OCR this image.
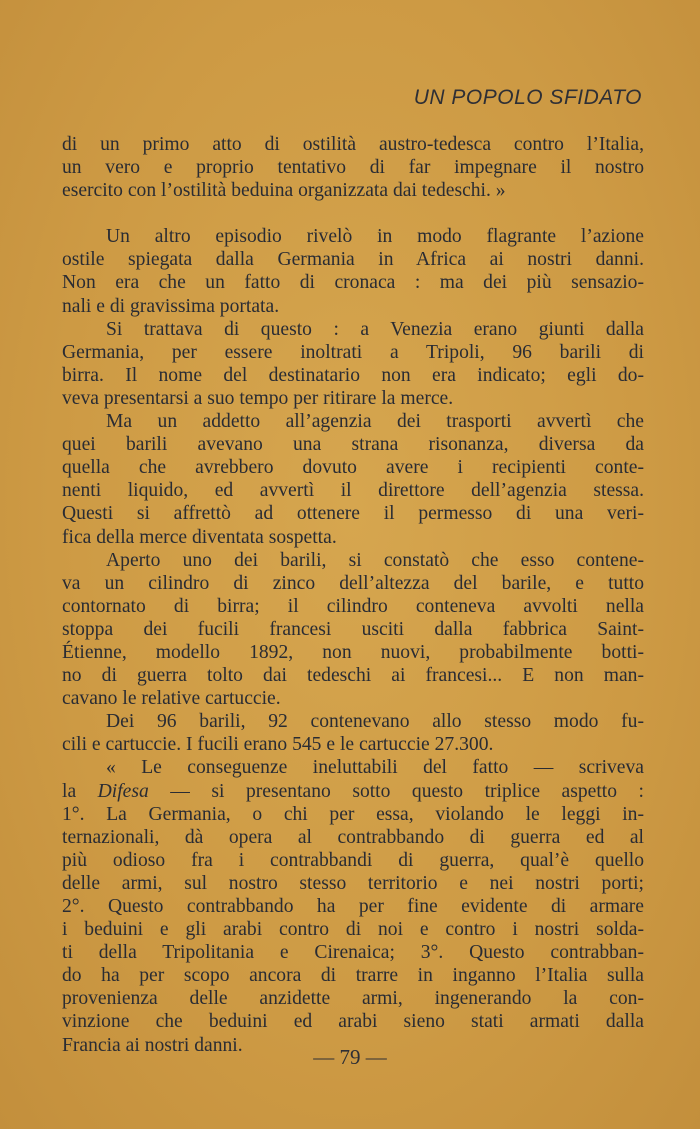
UN POPOLO SFIDATO
di un primo atto di ostilità austro-tedesca contro l’Italia,
un vero e proprio tentativo di far impegnare il nostro
esercito con l’ostilità beduina organizzata dai tedeschi. »
Un altro episodio rivelò in modo flagrante l’azione
ostile spiegata dalla Germania in Africa ai nostri danni.
Non era che un fatto di cronaca : ma dei più sensazio-
nali e di gravissima portata.
Si trattava di questo : a Venezia erano giunti dalla
Germania, per essere inoltrati a Tripoli, 96 barili di
birra. Il nome del destinatario non era indicato; egli do-
veva presentarsi a suo tempo per ritirare la merce.
Ma un addetto all’agenzia dei trasporti avvertì che
quei barili avevano una strana risonanza, diversa da
quella che avrebbero dovuto avere i recipienti conte-
nenti liquido, ed avvertì il direttore dell’agenzia stessa.
Questi si affrettò ad ottenere il permesso di una veri-
fica della merce diventata sospetta.
Aperto uno dei barili, si constatò che esso contene-
va un cilindro di zinco dell’altezza del barile, e tutto
contornato di birra; il cilindro conteneva avvolti nella
stoppa dei fucili francesi usciti dalla fabbrica Saint-
Étienne, modello 1892, non nuovi, probabilmente botti-
no di guerra tolto dai tedeschi ai francesi... E non man-
cavano le relative cartuccie.
Dei 96 barili, 92 contenevano allo stesso modo fu-
cili e cartuccie. I fucili erano 545 e le cartuccie 27.300.
« Le conseguenze ineluttabili del fatto — scriveva
la Difesa — si presentano sotto questo triplice aspetto :
1°. La Germania, o chi per essa, violando le leggi in-
ternazionali, dà opera al contrabbando di guerra ed al
più odioso fra i contrabbandi di guerra, qual’è quello
delle armi, sul nostro stesso territorio e nei nostri porti;
2°. Questo contrabbando ha per fine evidente di armare
i beduini e gli arabi contro di noi e contro i nostri solda-
ti della Tripolitania e Cirenaica; 3°. Questo contrabban-
do ha per scopo ancora di trarre in inganno l’Italia sulla
provenienza delle anzidette armi, ingenerando la con-
vinzione che beduini ed arabi sieno stati armati dalla
Francia ai nostri danni.	— 79 —
